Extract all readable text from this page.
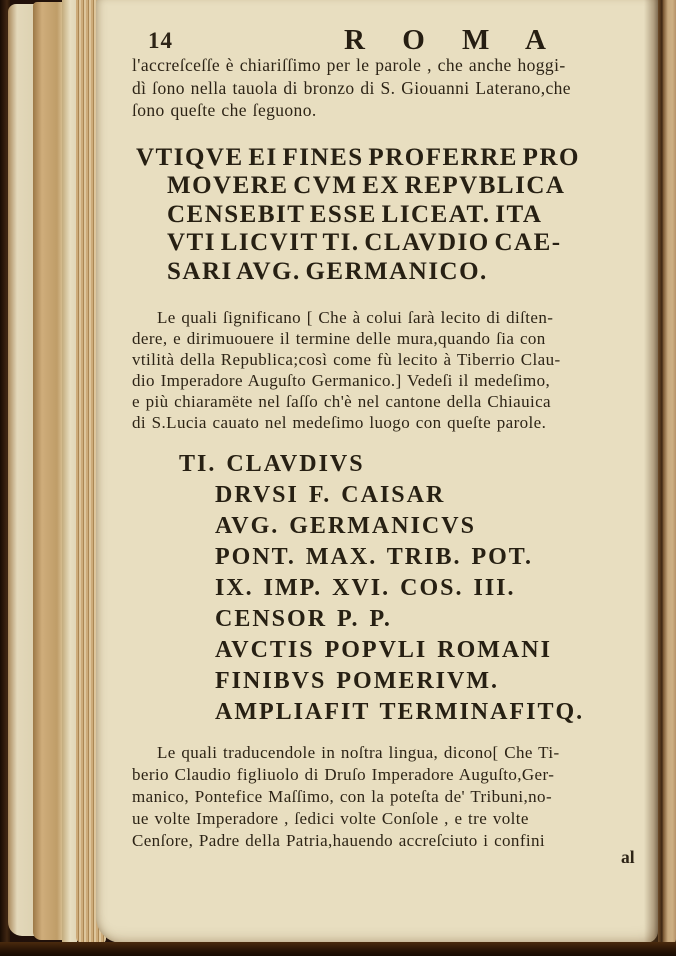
14	R O M A
l'accreſceſſe è chiariſſimo per le parole , che anche hoggi-
dì ſono nella tauola di bronzo di S. Giouanni Laterano,che
ſono queſte che ſeguono.
VTIQVE EI FINES PROFERRE PRO
MOVERE CVM EX REPVBLICA
CENSEBIT ESSE LICEAT. ITA
VTI LICVIT TI. CLAVDIO CAE-
SARI AVG. GERMANICO.
Le quali ſignificano [ Che à colui ſarà lecito di diſten-
dere, e dirimuouere il termine delle mura,quando ſia con
vtilità della Republica;così come fù lecito à Tiberrio Clau-
dio Imperadore Auguſto Germanico.] Vedeſi il medeſimo,
e più chiaramëte nel ſaſſo ch'è nel cantone della Chiauica
di S.Lucia cauato nel medeſimo luogo con queſte parole.
TI. CLAVDIVS
DRVSI F. CAISAR
AVG. GERMANICVS
PONT. MAX. TRIB. POT.
IX. IMP. XVI. COS. III.
CENSOR P. P.
AVCTIS POPVLI ROMANI
FINIBVS POMERIVM.
AMPLIAFIT TERMINAFITQ.
Le quali traducendole in noſtra lingua, dicono[ Che Ti-
berio Claudio figliuolo di Druſo Imperadore Auguſto,Ger-
manico, Pontefice Maſſimo, con la poteſta de' Tribuni,no-
ue volte Imperadore , ſedici volte Conſole , e tre volte
Cenſore, Padre della Patria,hauendo accreſciuto i confini
al
